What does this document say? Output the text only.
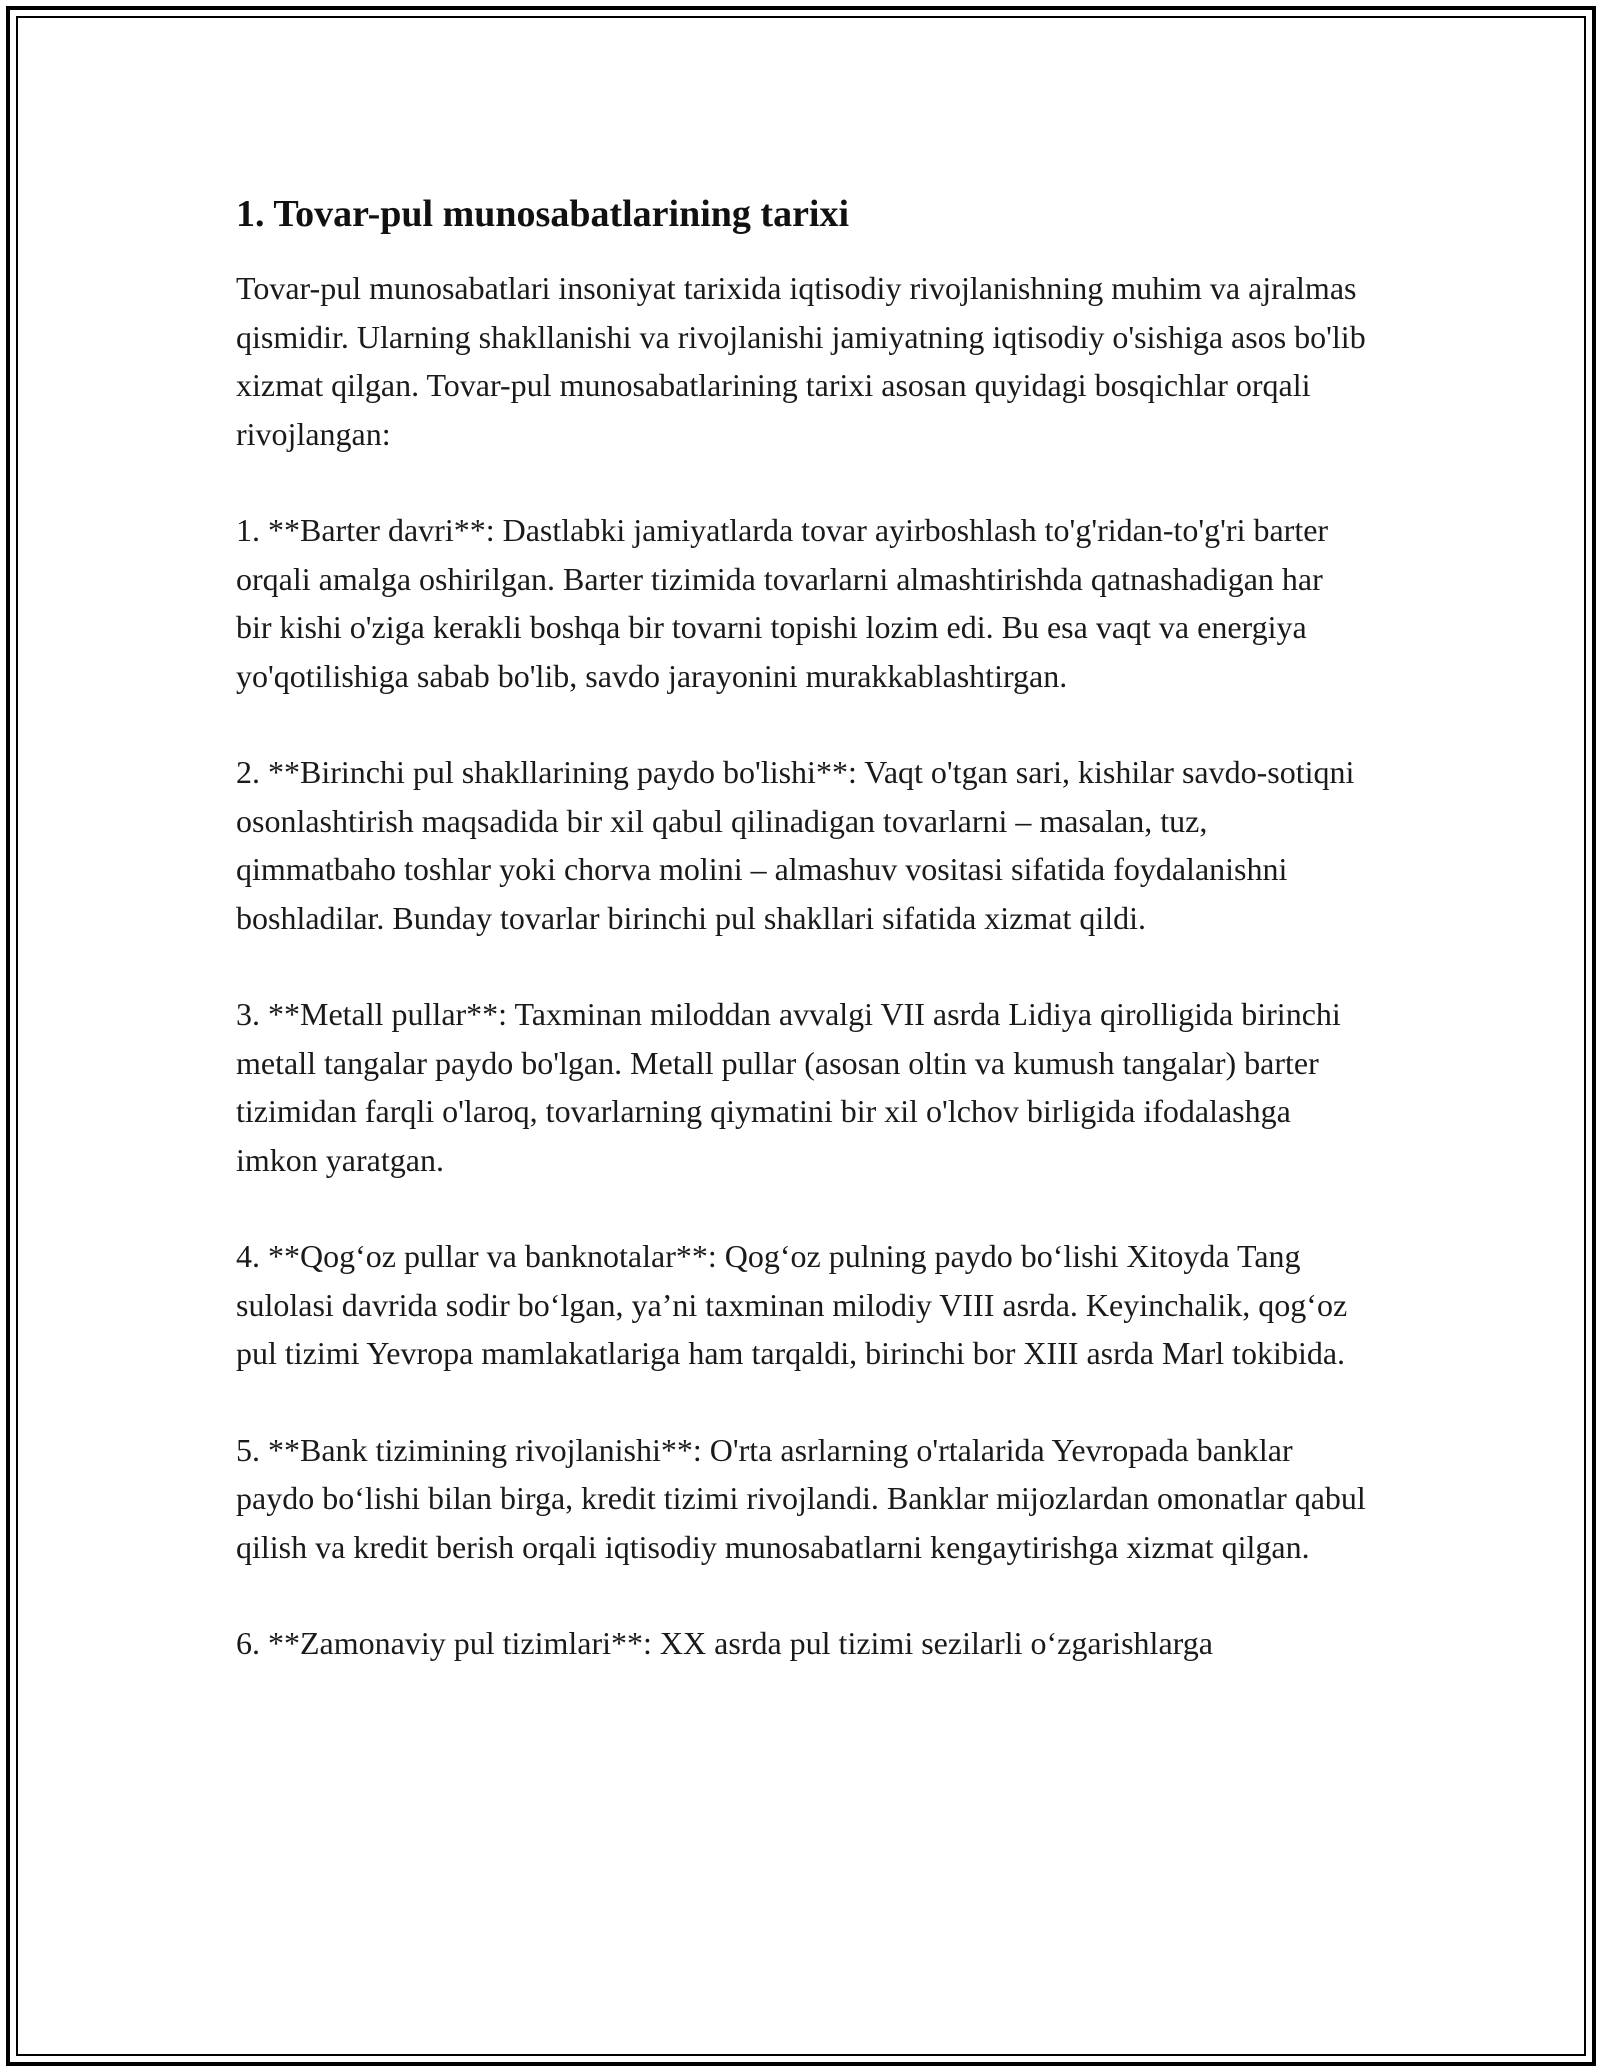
1. Tovar-pul munosabatlarining tarixi

Tovar-pul munosabatlari insoniyat tarixida iqtisodiy rivojlanishning muhim va ajralmas qismidir. Ularning shakllanishi va rivojlanishi jamiyatning iqtisodiy o'sishiga asos bo'lib xizmat qilgan. Tovar-pul munosabatlarining tarixi asosan quyidagi bosqichlar orqali rivojlangan:

1. **Barter davri**: Dastlabki jamiyatlarda tovar ayirboshlash to'g'ridan-to'g'ri barter orqali amalga oshirilgan. Barter tizimida tovarlarni almashtirishda qatnashadigan har bir kishi o'ziga kerakli boshqa bir tovarni topishi lozim edi. Bu esa vaqt va energiya yo'qotilishiga sabab bo'lib, savdo jarayonini murakkablashtirgan.

2. **Birinchi pul shakllarining paydo bo'lishi**: Vaqt o'tgan sari, kishilar savdo-sotiqni osonlashtirish maqsadida bir xil qabul qilinadigan tovarlarni – masalan, tuz, qimmatbaho toshlar yoki chorva molini – almashuv vositasi sifatida foydalanishni boshladilar. Bunday tovarlar birinchi pul shakllari sifatida xizmat qildi.

3. **Metall pullar**: Taxminan miloddan avvalgi VII asrda Lidiya qirolligida birinchi metall tangalar paydo bo'lgan. Metall pullar (asosan oltin va kumush tangalar) barter tizimidan farqli o'laroq, tovarlarning qiymatini bir xil o'lchov birligida ifodalashga imkon yaratgan.

4. **Qog‘oz pullar va banknotalar**: Qog‘oz pulning paydo bo‘lishi Xitoyda Tang sulolasi davrida sodir bo‘lgan, ya’ni taxminan milodiy VIII asrda. Keyinchalik, qog‘oz pul tizimi Yevropa mamlakatlariga ham tarqaldi, birinchi bor XIII asrda Marl tokibida.

5. **Bank tizimining rivojlanishi**: O'rta asrlarning o'rtalarida Yevropada banklar paydo bo‘lishi bilan birga, kredit tizimi rivojlandi. Banklar mijozlardan omonatlar qabul qilish va kredit berish orqali iqtisodiy munosabatlarni kengaytirishga xizmat qilgan.

6. **Zamonaviy pul tizimlari**: XX asrda pul tizimi sezilarli o‘zgarishlarga
